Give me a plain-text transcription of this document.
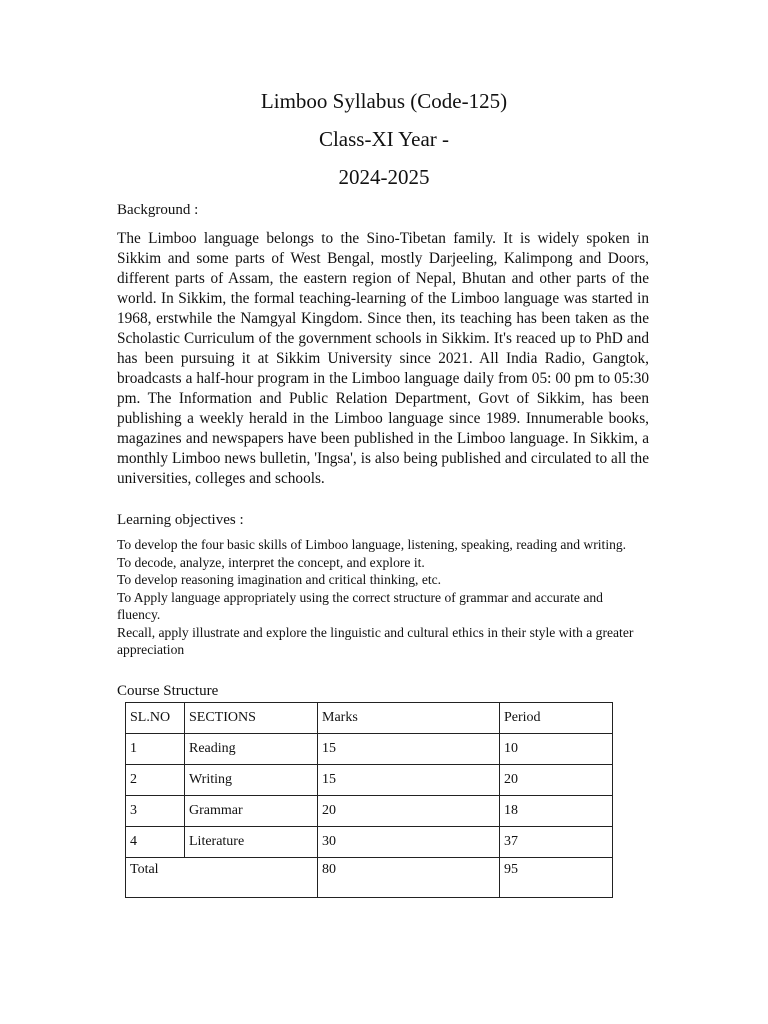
Limboo Syllabus (Code-125)
Class-XI Year -
2024-2025
Background :

The Limboo language belongs to the Sino-Tibetan family. It is widely spoken in Sikkim and some parts of West Bengal, mostly Darjeeling, Kalimpong and Doors, different parts of Assam, the eastern region of Nepal, Bhutan and other parts of the world. In Sikkim, the formal teaching-learning of the Limboo language was started in 1968, erstwhile the Namgyal Kingdom. Since then, its teaching has been taken as the Scholastic Curriculum of the government schools in Sikkim. It's reaced up to PhD and has been pursuing it at Sikkim University since 2021. All India Radio, Gangtok, broadcasts a half-hour program in the Limboo language daily from 05: 00 pm to 05:30 pm. The Information and Public Relation Department, Govt of Sikkim, has been publishing a weekly herald in the Limboo language since 1989. Innumerable books, magazines and newspapers have been published in the Limboo language. In Sikkim, a monthly Limboo news bulletin, 'Ingsa', is also being published and circulated to all the universities, colleges and schools.

Learning objectives :
To develop the four basic skills of Limboo language, listening, speaking, reading and writing.
To decode, analyze, interpret the concept, and explore it.
To develop reasoning imagination and critical thinking, etc.
To Apply language appropriately using the correct structure of grammar and accurate and fluency.
Recall, apply illustrate and explore the linguistic and cultural ethics in their style with a greater appreciation
Course Structure
SL.NO	SECTIONS	Marks	Period
1	Reading	15	10
2	Writing	15	20
3	Grammar	20	18
4	Literature	30	37
Total		80	95
